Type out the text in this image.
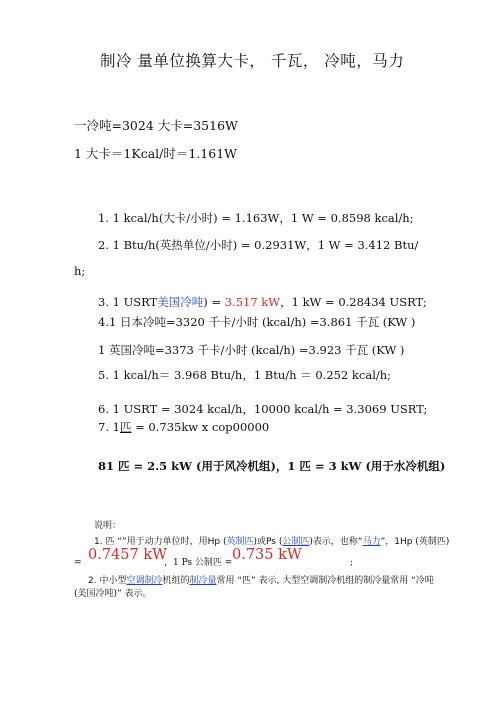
制冷 量单位换算大卡， 千瓦， 冷吨，马力
一冷吨=3024 大卡=3516W
1 大卡＝1Kcal/时＝1.161W
1. 1 kcal/h(大卡/小时) = 1.163W，1 W = 0.8598 kcal/h;
2. 1 Btu/h(英热单位/小时) = 0.2931W，1 W = 3.412 Btu/
h;
3. 1 USRT美国冷吨) = 3.517 kW，1 kW = 0.28434 USRT;
4.1 日本冷吨=3320 千卡/小时 (kcal/h) =3.861 千瓦 (KW )
1 英国冷吨=3373 千卡/小时 (kcal/h) =3.923 千瓦 (KW )
5. 1 kcal/h＝ 3.968 Btu/h，1 Btu/h ＝ 0.252 kcal/h;
6. 1 USRT = 3024 kcal/h，10000 kcal/h = 3.3069 USRT;
7. 1匹 = 0.735kw x cop00000
81 匹 = 2.5 kW (用于风冷机组)，1 匹 = 3 kW (用于水冷机组)
说明：
1. 匹 “”用于动力单位时，用Hp (英制匹)或Ps (公制匹)表示，也称“马力”，1Hp (英制匹)
= 0.7457 kW
，1 Ps 公制匹 = 0.735 kW	;
2. 中小型空调制冷机组的制冷量常用 “匹” 表示, 大型空调制冷机组的制冷量常用 “冷吨
(美国冷吨)” 表示。
